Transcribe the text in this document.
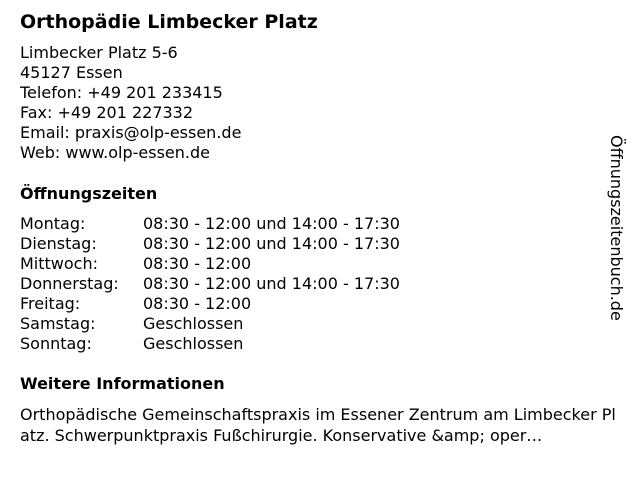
Orthopädie Limbecker Platz
Limbecker Platz 5-6
45127 Essen
Telefon: +49 201 233415
Fax: +49 201 227332
Email: praxis@olp-essen.de
Web: www.olp-essen.de
Öffnungszeiten
Montag:	08:30 - 12:00 und 14:00 - 17:30
Dienstag:	08:30 - 12:00 und 14:00 - 17:30
Mittwoch:	08:30 - 12:00
Donnerstag:	08:30 - 12:00 und 14:00 - 17:30
Freitag:	08:30 - 12:00
Samstag:	Geschlossen
Sonntag:	Geschlossen
Weitere Informationen
Orthopädische Gemeinschaftspraxis im Essener Zentrum am Limbecker Platz. Schwerpunktpraxis Fußchirurgie. Konservative &amp; oper…
Öffnungszeitenbuch.de
